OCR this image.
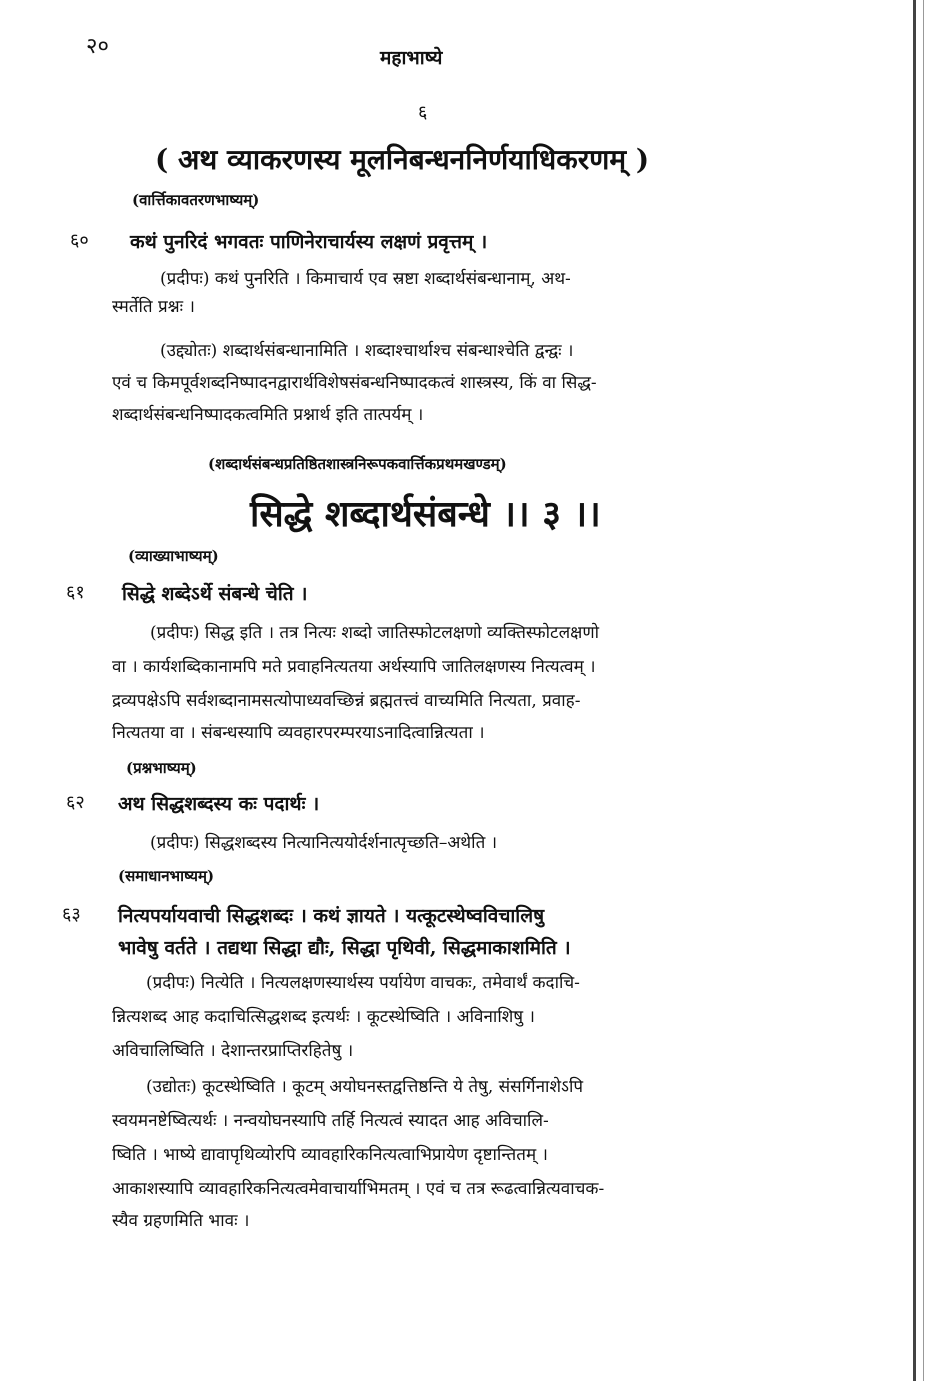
२०	महाभाष्ये
६
( अथ व्याकरणस्य मूलनिबन्धननिर्णयाधिकरणम् )
(वार्त्तिकावतरणभाष्यम्)
६० कथं पुनरिदं भगवतः पाणिनेराचार्यस्य लक्षणं प्रवृत्तम् ।
(प्रदीपः) कथं पुनरिति । किमाचार्य एव स्रष्टा शब्दार्थसंबन्धानाम्, अथ-
स्मर्तेति प्रश्नः ।
(उद्द्योतः) शब्दार्थसंबन्धानामिति । शब्दाश्चार्थाश्च संबन्धाश्चेति द्वन्द्वः ।
एवं च किमपूर्वशब्दनिष्पादनद्वारार्थविशेषसंबन्धनिष्पादकत्वं शास्त्रस्य, किं वा सिद्ध-
शब्दार्थसंबन्धनिष्पादकत्वमिति प्रश्नार्थ इति तात्पर्यम् ।
(शब्दार्थसंबन्धप्रतिष्ठितशास्त्रनिरूपकवार्त्तिकप्रथमखण्डम्)
सिद्धे शब्दार्थसंबन्धे ।। ३ ।।
(व्याख्याभाष्यम्)
६१ सिद्धे शब्देऽर्थे संबन्धे चेति ।
(प्रदीपः) सिद्ध इति । तत्र नित्यः शब्दो जातिस्फोटलक्षणो व्यक्तिस्फोटलक्षणो
वा । कार्यशब्दिकानामपि मते प्रवाहनित्यतया अर्थस्यापि जातिलक्षणस्य नित्यत्वम् ।
द्रव्यपक्षेऽपि सर्वशब्दानामसत्योपाध्यवच्छिन्नं ब्रह्मतत्त्वं वाच्यमिति नित्यता, प्रवाह-
नित्यतया वा । संबन्धस्यापि व्यवहारपरम्परयाऽनादित्वान्नित्यता ।
(प्रश्नभाष्यम्)
६२ अथ सिद्धशब्दस्य कः पदार्थः ।
(प्रदीपः) सिद्धशब्दस्य नित्यानित्ययोर्दर्शनात्पृच्छति–अथेति ।
(समाधानभाष्यम्)
६३ नित्यपर्यायवाची सिद्धशब्दः । कथं ज्ञायते । यत्कूटस्थेष्वविचालिषु
भावेषु वर्तते । तद्यथा सिद्धा द्यौः, सिद्धा पृथिवी, सिद्धमाकाशमिति ।
(प्रदीपः) नित्येति । नित्यलक्षणस्यार्थस्य पर्यायेण वाचकः, तमेवार्थं कदाचि-
न्नित्यशब्द आह कदाचित्सिद्धशब्द इत्यर्थः । कूटस्थेष्विति । अविनाशिषु ।
अविचालिष्विति । देशान्तरप्राप्तिरहितेषु ।
(उद्योतः) कूटस्थेष्विति । कूटम् अयोघनस्तद्वत्तिष्ठन्ति ये तेषु, संसर्गिनाशेऽपि
स्वयमनष्टेष्वित्यर्थः । नन्वयोघनस्यापि तर्हि नित्यत्वं स्यादत आह अविचालि-
ष्विति । भाष्ये द्यावापृथिव्योरपि व्यावहारिकनित्यत्वाभिप्रायेण दृष्टान्तितम् ।
आकाशस्यापि व्यावहारिकनित्यत्वमेवाचार्याभिमतम् । एवं च तत्र रूढत्वान्नित्यवाचक-
स्यैव ग्रहणमिति भावः ।
